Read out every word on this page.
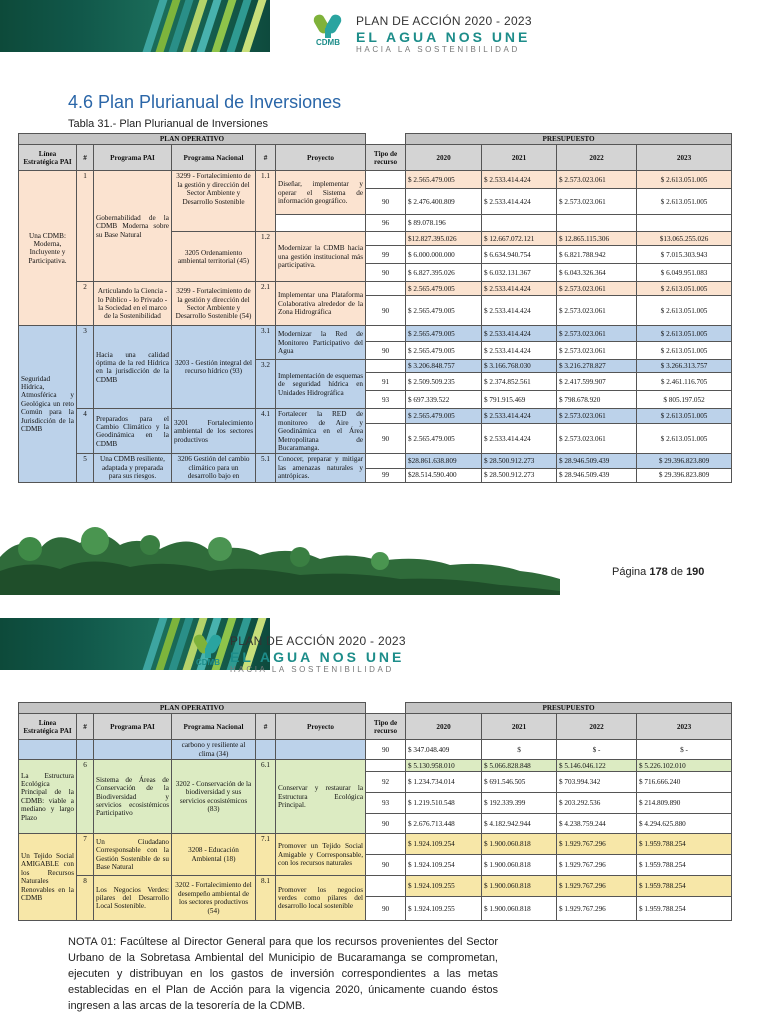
CDMB
PLAN DE ACCIÓN 2020 - 2023
EL AGUA NOS UNE
HACIA LA SOSTENIBILIDAD
4.6 Plan Plurianual de Inversiones
Tabla 31.- Plan Plurianual de Inversiones
PLAN OPERATIVO							PRESUPUESTO			
Línea Estratégica PAI	#	Programa PAI	Programa Nacional	#	Proyecto	Tipo de recurso	2020	2021	2022	2023
Una CDMB: Moderna, Incluyente y Participativa.	1	Gobernabilidad de la CDMB Moderna sobre su Base Natural	3299 - Fortalecimiento de la gestión y dirección del Sector Ambiente y Desarrollo Sostenible	1.1	Diseñar, implementar y operar el Sistema de información geográfico.		$ 2.565.479.005	$ 2.533.414.424	$ 2.573.023.061	$ 2.613.051.005
						90	$ 2.476.400.809	$ 2.533.414.424	$ 2.573.023.061	$ 2.613.051.005
						96	$ 89.078.196			
			3205 Ordenamiento ambiental territorial (45)	1.2	Modernizar la CDMB hacia una gestión institucional más participativa.		$12.827.395.026	$ 12.667.072.121	$ 12.865.115.306	$13.065.255.026
						99	$ 6.000.000.000	$ 6.634.940.754	$ 6.821.788.942	$ 7.015.303.943
						90	$ 6.827.395.026	$ 6.032.131.367	$ 6.043.326.364	$ 6.049.951.083
	2	Articulando la Ciencia - lo Público - lo Privado - la Sociedad en el marco de la Sostenibilidad	3299 - Fortalecimiento de la gestión y dirección del Sector Ambiente y Desarrollo Sostenible (54)	2.1	Implementar una Plataforma Colaborativa alrededor de la Zona Hidrográfica		$ 2.565.479.005	$ 2.533.414.424	$ 2.573.023.061	$ 2.613.051.005
						90	$ 2.565.479.005	$ 2.533.414.424	$ 2.573.023.061	$ 2.613.051.005
Seguridad Hídrica, Atmosférica y Geológica un reto Común para la Jurisdicción de la CDMB	3	Hacia una calidad óptima de la red Hídrica en la jurisdicción de la CDMB	3203 - Gestión integral del recurso hídrico (93)	3.1	Modernizar la Red de Monitoreo Participativo del Agua		$ 2.565.479.005	$ 2.533.414.424	$ 2.573.023.061	$ 2.613.051.005
						90	$ 2.565.479.005	$ 2.533.414.424	$ 2.573.023.061	$ 2.613.051.005
				3.2	Implementación de esquemas de seguridad hídrica en Unidades Hidrográfica		$ 3.206.848.757	$ 3.166.768.030	$ 3.216.278.827	$ 3.266.313.757
						91	$ 2.509.509.235	$ 2.374.852.561	$ 2.417.599.907	$ 2.461.116.705
						93	$ 697.339.522	$ 791.915.469	$ 798.678.920	$ 805.197.052
	4	Preparados para el Cambio Climático y la Geodinámica en la CDMB	3201 Fortalecimiento ambiental de los sectores productivos	4.1	Fortalecer la RED de monitoreo de Aire y Geodinámica en el Área Metropolitana de Bucaramanga.		$ 2.565.479.005	$ 2.533.414.424	$ 2.573.023.061	$ 2.613.051.005
						90	$ 2.565.479.005	$ 2.533.414.424	$ 2.573.023.061	$ 2.613.051.005
	5	Una CDMB resiliente, adaptada y preparada para sus riesgos.	3206 Gestión del cambio climático para un desarrollo bajo en	5.1	Conocer, preparar y mitigar las amenazas naturales y antrópicas.		$28.861.638.809	$ 28.500.912.273	$ 28.946.509.439	$ 29.396.823.809
						99	$28.514.590.400	$ 28.500.912.273	$ 28.946.509.439	$ 29.396.823.809
Página 178 de 190
CDMB
PLAN DE ACCIÓN 2020 - 2023
EL AGUA NOS UNE
HACIA LA SOSTENIBILIDAD
PLAN OPERATIVO							PRESUPUESTO			
Línea Estratégica PAI	#	Programa PAI	Programa Nacional	#	Proyecto	Tipo de recurso	2020	2021	2022	2023
			carbono y resiliente al clima (34)			90	$ 347.048.409	$	$ -	$ -
La Estructura Ecológica Principal de la CDMB: viable a mediano y largo Plazo	6	Sistema de Áreas de Conservación de la Biodiversidad y servicios ecosistémicos Participativo	3202 - Conservación de la biodiversidad y sus servicios ecosistémicos (83)	6.1	Conservar y restaurar la Estructura Ecológica Principal.		$ 5.130.958.010	$ 5.066.828.848	$ 5.146.046.122	$ 5.226.102.010
						92	$ 1.234.734.014	$ 691.546.505	$ 703.994.342	$ 716.666.240
						93	$ 1.219.510.548	$ 192.339.399	$ 203.292.536	$ 214.809.890
						90	$ 2.676.713.448	$ 4.182.942.944	$ 4.238.759.244	$ 4.294.625.880
Un Tejido Social AMIGABLE con los Recursos Naturales Renovables en la CDMB	7	Un Ciudadano Corresponsable con la Gestión Sostenible de su Base Natural	3208 - Educación Ambiental (18)	7.1	Promover un Tejido Social Amigable y Corresponsable, con los recursos naturales		$ 1.924.109.254	$ 1.900.060.818	$ 1.929.767.296	$ 1.959.788.254
						90	$ 1.924.109.254	$ 1.900.060.818	$ 1.929.767.296	$ 1.959.788.254
	8	Los Negocios Verdes: pilares del Desarrollo Local Sostenible.	3202 - Fortalecimiento del desempeño ambiental de los sectores productivos (54)	8.1	Promover los negocios verdes como pilares del desarrollo local sostenible		$ 1.924.109.255	$ 1.900.060.818	$ 1.929.767.296	$ 1.959.788.254
						90	$ 1.924.109.255	$ 1.900.060.818	$ 1.929.767.296	$ 1.959.788.254
NOTA 01: Facúltese al Director General para que los recursos provenientes del Sector Urbano de la Sobretasa Ambiental del Municipio de Bucaramanga se comprometan, ejecuten y distribuyan en los gastos de inversión correspondientes a las metas establecidas en el Plan de Acción para la vigencia 2020, únicamente cuando éstos ingresen a las arcas de la tesorería de la CDMB.
